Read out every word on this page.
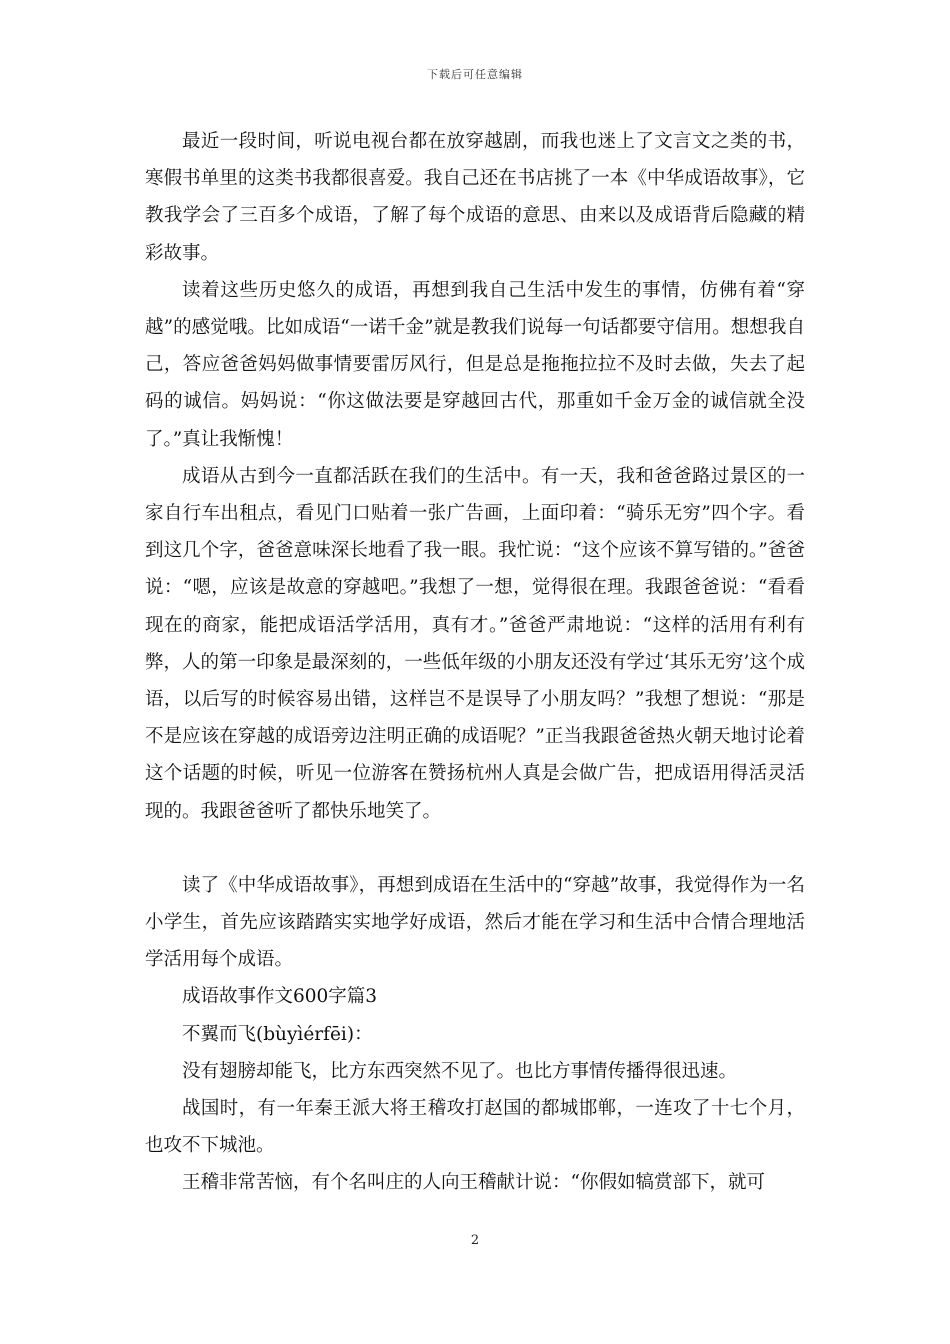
下载后可任意编辑

最近一段时间，听说电视台都在放穿越剧，而我也迷上了文言文之类的书，寒假书单里的这类书我都很喜爱。我自己还在书店挑了一本《中华成语故事》，它教我学会了三百多个成语，了解了每个成语的意思、由来以及成语背后隐藏的精彩故事。

读着这些历史悠久的成语，再想到我自己生活中发生的事情，仿佛有着“穿越”的感觉哦。比如成语“一诺千金”就是教我们说每一句话都要守信用。想想我自己，答应爸爸妈妈做事情要雷厉风行，但是总是拖拖拉拉不及时去做，失去了起码的诚信。妈妈说：“你这做法要是穿越回古代，那重如千金万金的诚信就全没了。”真让我惭愧！

成语从古到今一直都活跃在我们的生活中。有一天，我和爸爸路过景区的一家自行车出租点，看见门口贴着一张广告画，上面印着：“骑乐无穷”四个字。看到这几个字，爸爸意味深长地看了我一眼。我忙说：“这个应该不算写错的。”爸爸说：“嗯，应该是故意的穿越吧。”我想了一想，觉得很在理。我跟爸爸说：“看看现在的商家，能把成语活学活用，真有才。”爸爸严肃地说：“这样的活用有利有弊，人的第一印象是最深刻的，一些低年级的小朋友还没有学过‘其乐无穷’这个成语，以后写的时候容易出错，这样岂不是误导了小朋友吗？”我想了想说：“那是不是应该在穿越的成语旁边注明正确的成语呢？”正当我跟爸爸热火朝天地讨论着这个话题的时候，听见一位游客在赞扬杭州人真是会做广告，把成语用得活灵活现的。我跟爸爸听了都快乐地笑了。

读了《中华成语故事》，再想到成语在生活中的“穿越”故事，我觉得作为一名小学生，首先应该踏踏实实地学好成语，然后才能在学习和生活中合情合理地活学活用每个成语。

成语故事作文600字篇3

不翼而飞(bùyìérfēi)：

没有翅膀却能飞，比方东西突然不见了。也比方事情传播得很迅速。

战国时，有一年秦王派大将王稽攻打赵国的都城邯郸，一连攻了十七个月，也攻不下城池。

王稽非常苦恼，有个名叫庄的人向王稽献计说：“你假如犒赏部下，就可

2
